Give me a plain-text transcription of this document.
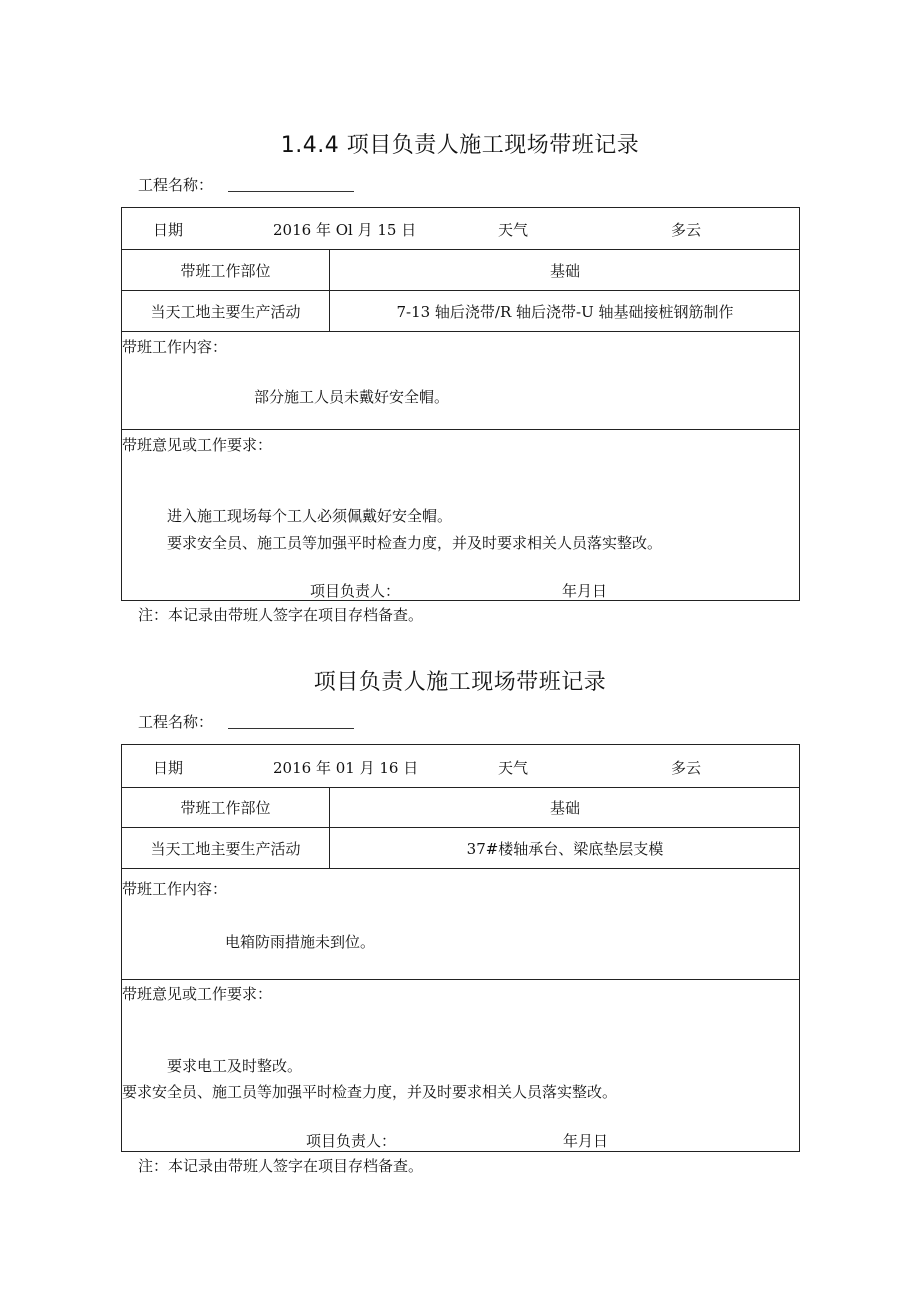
1.4.4 项目负责人施工现场带班记录
工程名称：
日期	2016 年 Ol 月 15 日	天气	多云
带班工作部位	基础
当天工地主要生产活动	7-13 轴后浇带/R 轴后浇带-U 轴基础接桩钢筋制作
带班工作内容：
部分施工人员未戴好安全帽。
带班意见或工作要求：
进入施工现场每个工人必须佩戴好安全帽。
要求安全员、施工员等加强平时检查力度，并及时要求相关人员落实整改。
项目负责人：	年月日
注：本记录由带班人签字在项目存档备查。
项目负责人施工现场带班记录
工程名称：
日期	2016 年 01 月 16 日	天气	多云
带班工作部位	基础
当天工地主要生产活动	37#楼轴承台、梁底垫层支模
带班工作内容：
电箱防雨措施未到位。
带班意见或工作要求：
要求电工及时整改。
要求安全员、施工员等加强平时检查力度，并及时要求相关人员落实整改。
项目负责人：	年月日
注：本记录由带班人签字在项目存档备查。
